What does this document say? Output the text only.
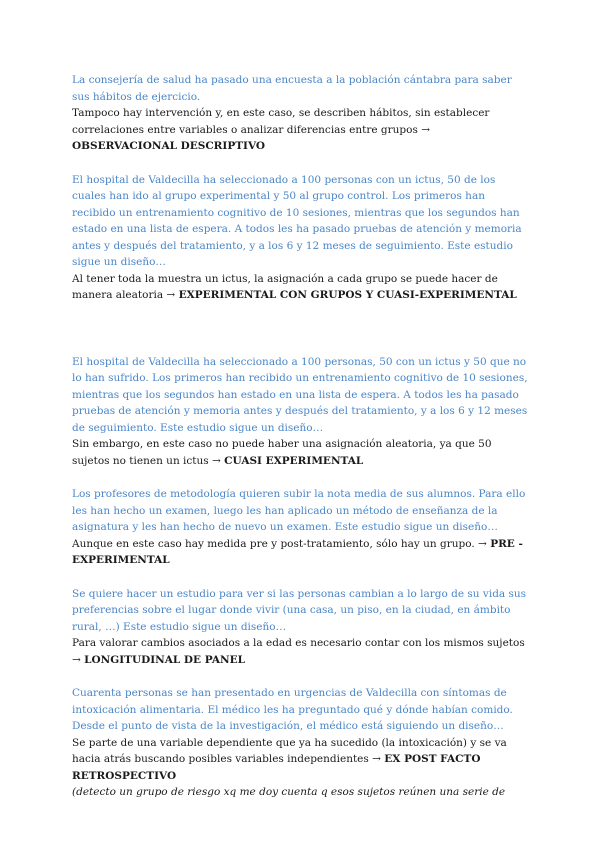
La consejería de salud ha pasado una encuesta a la población cántabra para saber sus hábitos de ejercicio.

Tampoco hay intervención y, en este caso, se describen hábitos, sin establecer correlaciones entre variables o analizar diferencias entre grupos → OBSERVACIONAL DESCRIPTIVO

El hospital de Valdecilla ha seleccionado a 100 personas con un ictus, 50 de los cuales han ido al grupo experimental y 50 al grupo control. Los primeros han recibido un entrenamiento cognitivo de 10 sesiones, mientras que los segundos han estado en una lista de espera. A todos les ha pasado pruebas de atención y memoria antes y después del tratamiento, y a los 6 y 12 meses de seguimiento. Este estudio sigue un diseño…

Al tener toda la muestra un ictus, la asignación a cada grupo se puede hacer de manera aleatoria → EXPERIMENTAL CON GRUPOS Y CUASI-EXPERIMENTAL

El hospital de Valdecilla ha seleccionado a 100 personas, 50 con un ictus y 50 que no lo han sufrido. Los primeros han recibido un entrenamiento cognitivo de 10 sesiones, mientras que los segundos han estado en una lista de espera. A todos les ha pasado pruebas de atención y memoria antes y después del tratamiento, y a los 6 y 12 meses de seguimiento. Este estudio sigue un diseño…

Sin embargo, en este caso no puede haber una asignación aleatoria, ya que 50 sujetos no tienen un ictus → CUASI EXPERIMENTAL

Los profesores de metodología quieren subir la nota media de sus alumnos. Para ello les han hecho un examen, luego les han aplicado un método de enseñanza de la asignatura y les han hecho de nuevo un examen. Este estudio sigue un diseño…

Aunque en este caso hay medida pre y post-tratamiento, sólo hay un grupo. → PRE -EXPERIMENTAL

Se quiere hacer un estudio para ver si las personas cambian a lo largo de su vida sus preferencias sobre el lugar donde vivir (una casa, un piso, en la ciudad, en ámbito rural, …) Este estudio sigue un diseño…

Para valorar cambios asociados a la edad es necesario contar con los mismos sujetos → LONGITUDINAL DE PANEL

Cuarenta personas se han presentado en urgencias de Valdecilla con síntomas de intoxicación alimentaria. El médico les ha preguntado qué y dónde habían comido. Desde el punto de vista de la investigación, el médico está siguiendo un diseño…

Se parte de una variable dependiente que ya ha sucedido (la intoxicación) y se va hacia atrás buscando posibles variables independientes → EX POST FACTO RETROSPECTIVO

(detecto un grupo de riesgo xq me doy cuenta q esos sujetos reúnen una serie de
